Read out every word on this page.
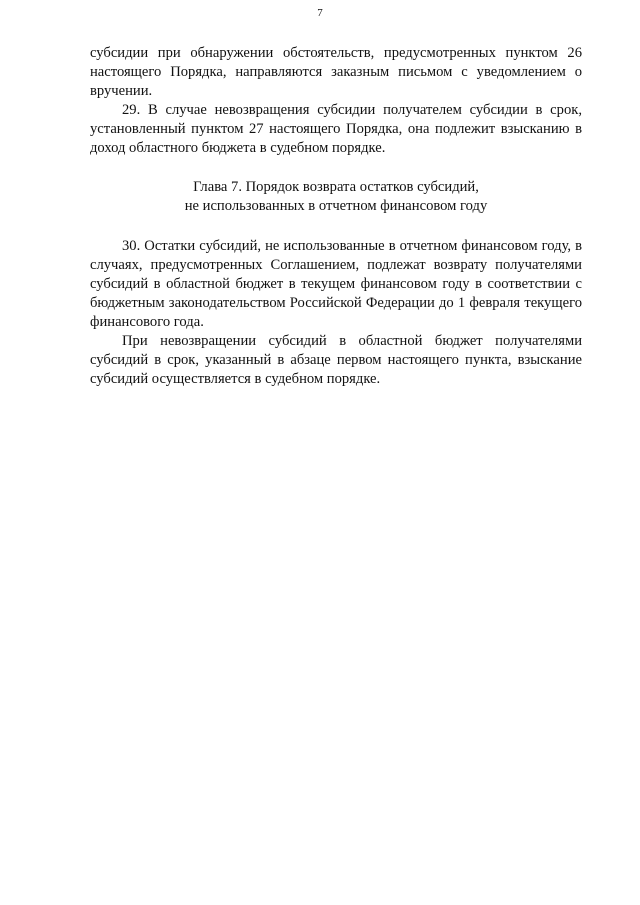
7

субсидии при обнаружении обстоятельств, предусмотренных пунктом 26 настоящего Порядка, направляются заказным письмом с уведомлением о вручении.

29. В случае невозвращения субсидии получателем субсидии в срок, установленный пунктом 27 настоящего Порядка, она подлежит взысканию в доход областного бюджета в судебном порядке.

Глава 7. Порядок возврата остатков субсидий,
не использованных в отчетном финансовом году

30. Остатки субсидий, не использованные в отчетном финансовом году, в случаях, предусмотренных Соглашением, подлежат возврату получателями субсидий в областной бюджет в текущем финансовом году в соответствии с бюджетным законодательством Российской Федерации до 1 февраля текущего финансового года.

При невозвращении субсидий в областной бюджет получателями субсидий в срок, указанный в абзаце первом настоящего пункта, взыскание субсидий осуществляется в судебном порядке.
